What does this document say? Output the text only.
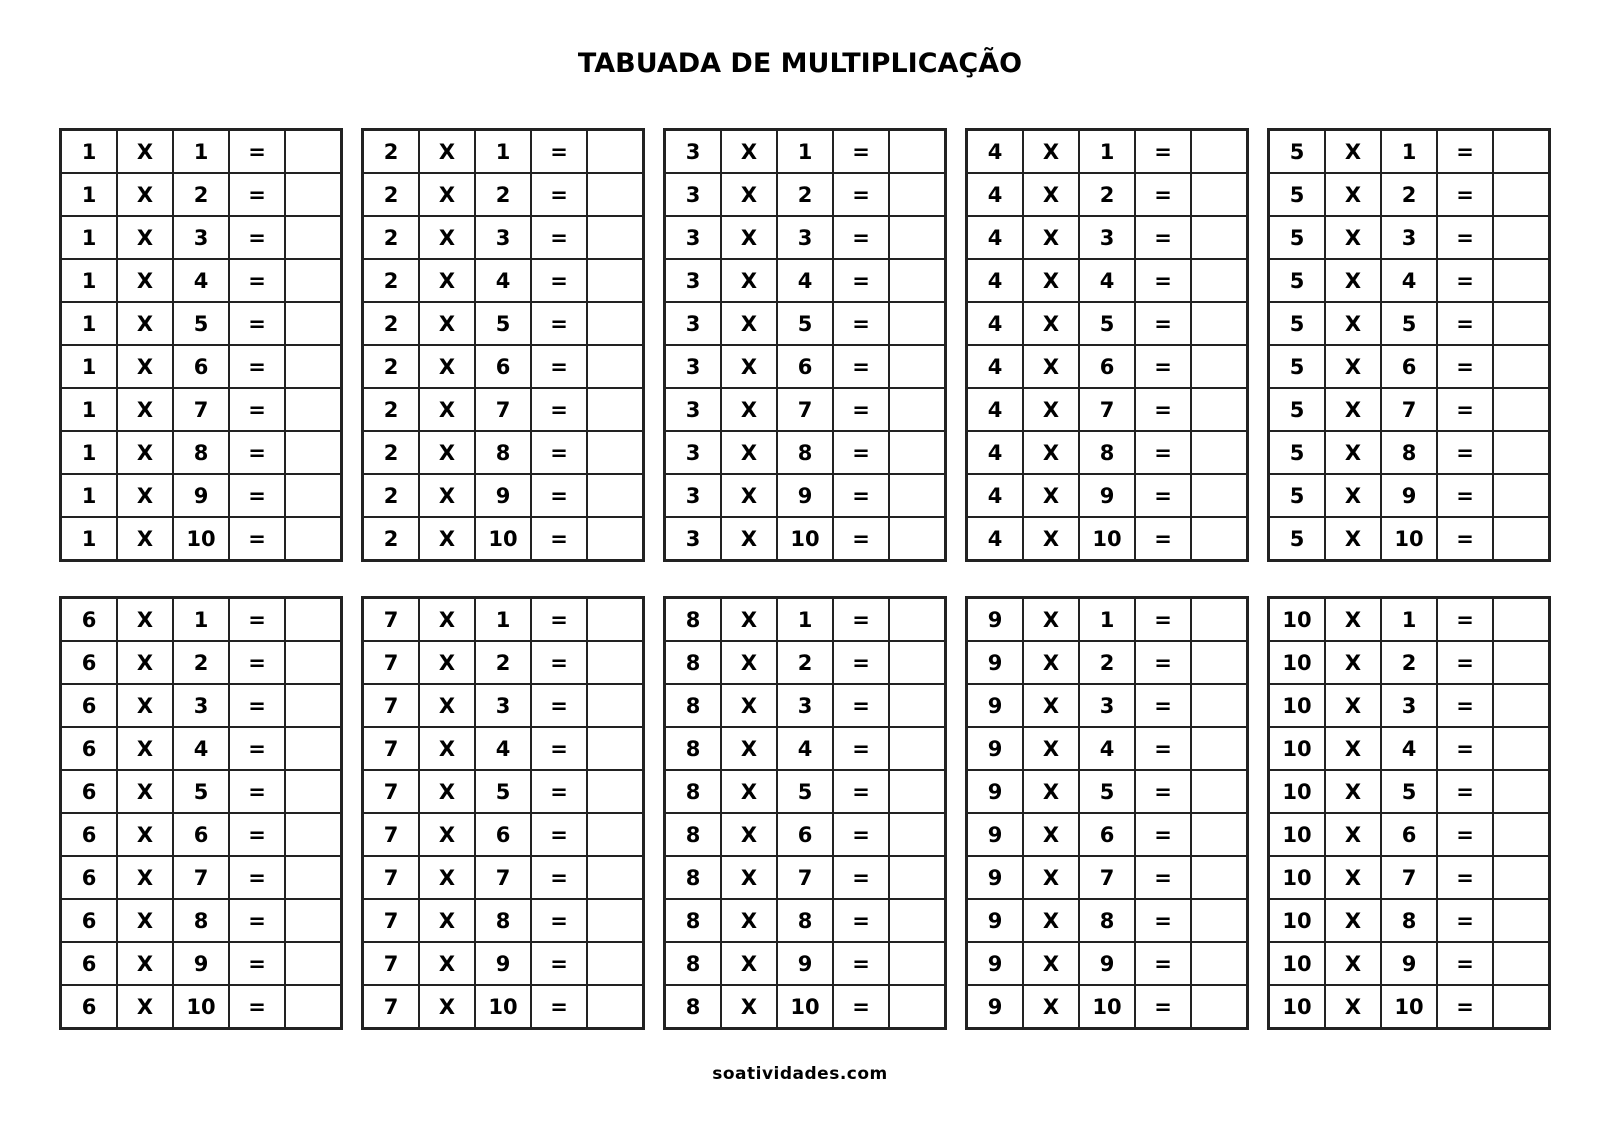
TABUADA DE MULTIPLICAÇÃO
1	X	1	=	
1	X	2	=	
1	X	3	=	
1	X	4	=	
1	X	5	=	
1	X	6	=	
1	X	7	=	
1	X	8	=	
1	X	9	=	
1	X	10	=	
2	X	1	=	
2	X	2	=	
2	X	3	=	
2	X	4	=	
2	X	5	=	
2	X	6	=	
2	X	7	=	
2	X	8	=	
2	X	9	=	
2	X	10	=	
3	X	1	=	
3	X	2	=	
3	X	3	=	
3	X	4	=	
3	X	5	=	
3	X	6	=	
3	X	7	=	
3	X	8	=	
3	X	9	=	
3	X	10	=	
4	X	1	=	
4	X	2	=	
4	X	3	=	
4	X	4	=	
4	X	5	=	
4	X	6	=	
4	X	7	=	
4	X	8	=	
4	X	9	=	
4	X	10	=	
5	X	1	=	
5	X	2	=	
5	X	3	=	
5	X	4	=	
5	X	5	=	
5	X	6	=	
5	X	7	=	
5	X	8	=	
5	X	9	=	
5	X	10	=	
6	X	1	=	
6	X	2	=	
6	X	3	=	
6	X	4	=	
6	X	5	=	
6	X	6	=	
6	X	7	=	
6	X	8	=	
6	X	9	=	
6	X	10	=	
7	X	1	=	
7	X	2	=	
7	X	3	=	
7	X	4	=	
7	X	5	=	
7	X	6	=	
7	X	7	=	
7	X	8	=	
7	X	9	=	
7	X	10	=	
8	X	1	=	
8	X	2	=	
8	X	3	=	
8	X	4	=	
8	X	5	=	
8	X	6	=	
8	X	7	=	
8	X	8	=	
8	X	9	=	
8	X	10	=	
9	X	1	=	
9	X	2	=	
9	X	3	=	
9	X	4	=	
9	X	5	=	
9	X	6	=	
9	X	7	=	
9	X	8	=	
9	X	9	=	
9	X	10	=	
10	X	1	=	
10	X	2	=	
10	X	3	=	
10	X	4	=	
10	X	5	=	
10	X	6	=	
10	X	7	=	
10	X	8	=	
10	X	9	=	
10	X	10	=	
soatividades.com
